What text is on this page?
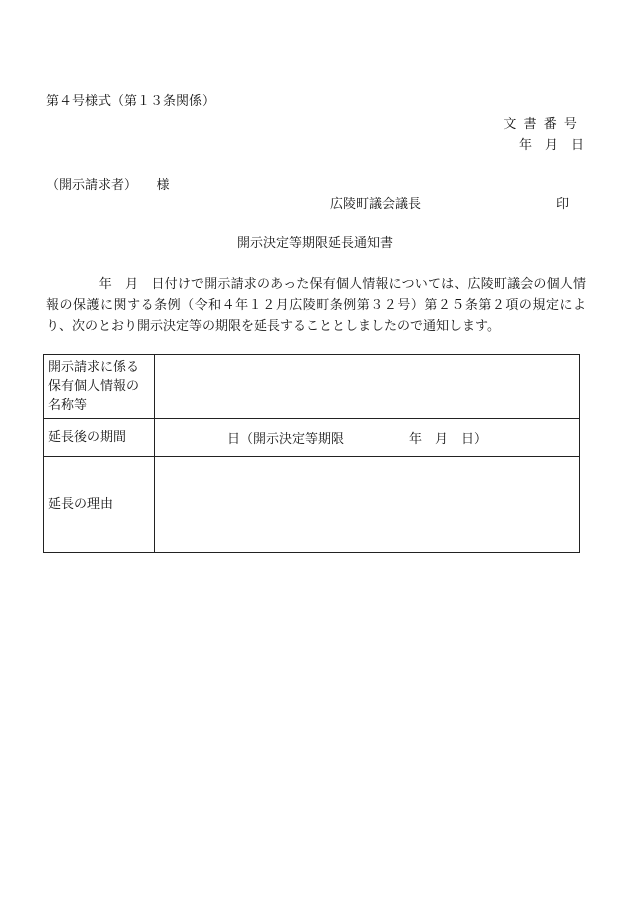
第４号様式（第１３条関係）
文書番号
年　月　日
（開示請求者）　　様
広陵町議会議長	印
開示決定等期限延長通知書
　　　　年　月　日付けで開示請求のあった保有個人情報については、広陵町議会の個人情報の保護に関する条例（令和４年１２月広陵町条例第３２号）第２５条第２項の規定により、次のとおり開示決定等の期限を延長することとしましたので通知します。
開示請求に係る保有個人情報の名称等	
延長後の期間	日（開示決定等期限　　　　　年　月　日）
延長の理由	
